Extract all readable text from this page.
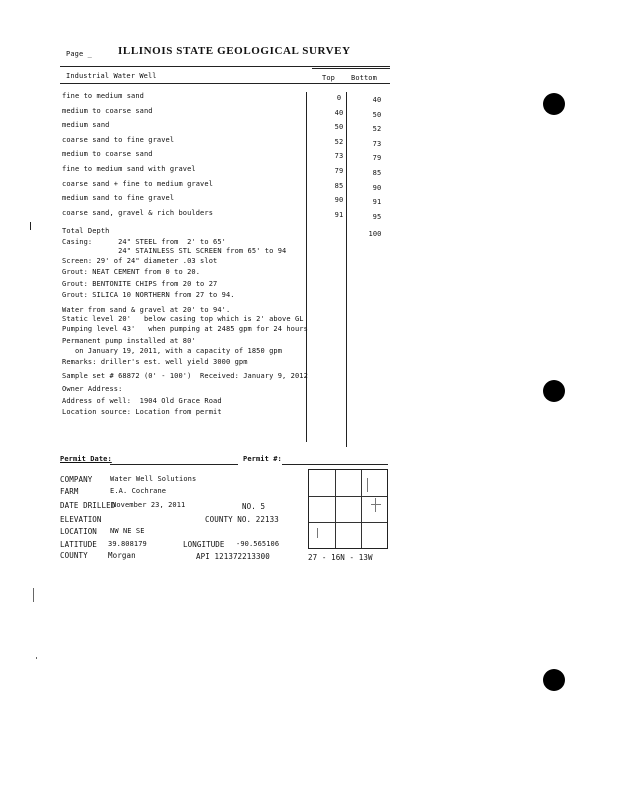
Page _ ILLINOIS STATE GEOLOGICAL SURVEY
Industrial Water Well	Top Bottom
fine to medium sand	0	40
medium to coarse sand	40	50
medium sand	50	52
coarse sand to fine gravel	52	73
medium to coarse sand	73	79
fine to medium sand with gravel	79	85
coarse sand + fine to medium gravel	85	90
medium sand to fine gravel	90	91
coarse sand, gravel & rich boulders	91	95
Total Depth	100
Casing:      24" STEEL from  2' to 65'
24" STAINLESS STL SCREEN from 65' to 94
Screen: 29' of 24" diameter .03 slot
Grout: NEAT CEMENT from 0 to 20.
Grout: BENTONITE CHIPS from 20 to 27
Grout: SILICA 10 NORTHERN from 27 to 94.
Water from sand & gravel at 20' to 94'.
Static level 20'   below casing top which is 2' above GL
Pumping level 43'   when pumping at 2485 gpm for 24 hours
Permanent pump installed at 80'
on January 19, 2011, with a capacity of 1850 gpm
Remarks: driller's est. well yield 3000 gpm
Sample set # 68872 (0' - 100')  Received: January 9, 2012
Owner Address:
Address of well:  1904 Old Grace Road
Location source: Location from permit
Permit Date:	Permit #:
COMPANY	Water Well Solutions
FARM	E.A. Cochrane
DATE DRILLED
November 23, 2011	NO. 5
ELEVATION	COUNTY NO. 22133
LOCATION NW NE SE
LATITUDE 39.808179	LONGITUDE -90.565106
COUNTY	Morgan	API 121372213300	27 - 16N - 13W
